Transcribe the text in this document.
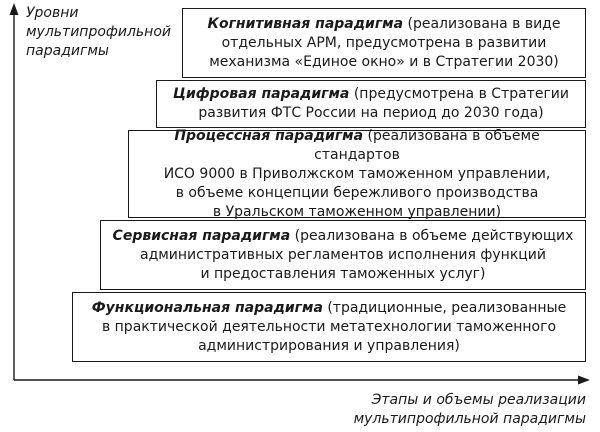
Уровни
мультипрофильной
парадигмы
Этапы и объемы реализации
мультипрофильной парадигмы
Когнитивная парадигма (реализована в виде
отдельных АРМ, предусмотрена в развитии
механизма «Единое окно» и в Стратегии 2030)
Цифровая парадигма (предусмотрена в Стратегии
развития ФТС России на период до 2030 года)
Процессная парадигма (реализована в объеме стандартов
ИСО 9000 в Приволжском таможенном управлении,
в объеме концепции бережливого производства
в Уральском таможенном управлении)
Сервисная парадигма (реализована в объеме действующих
административных регламентов исполнения функций
и предоставления таможенных услуг)
Функциональная парадигма (традиционные, реализованные
в практической деятельности метатехнологии таможенного
администрирования и управления)
